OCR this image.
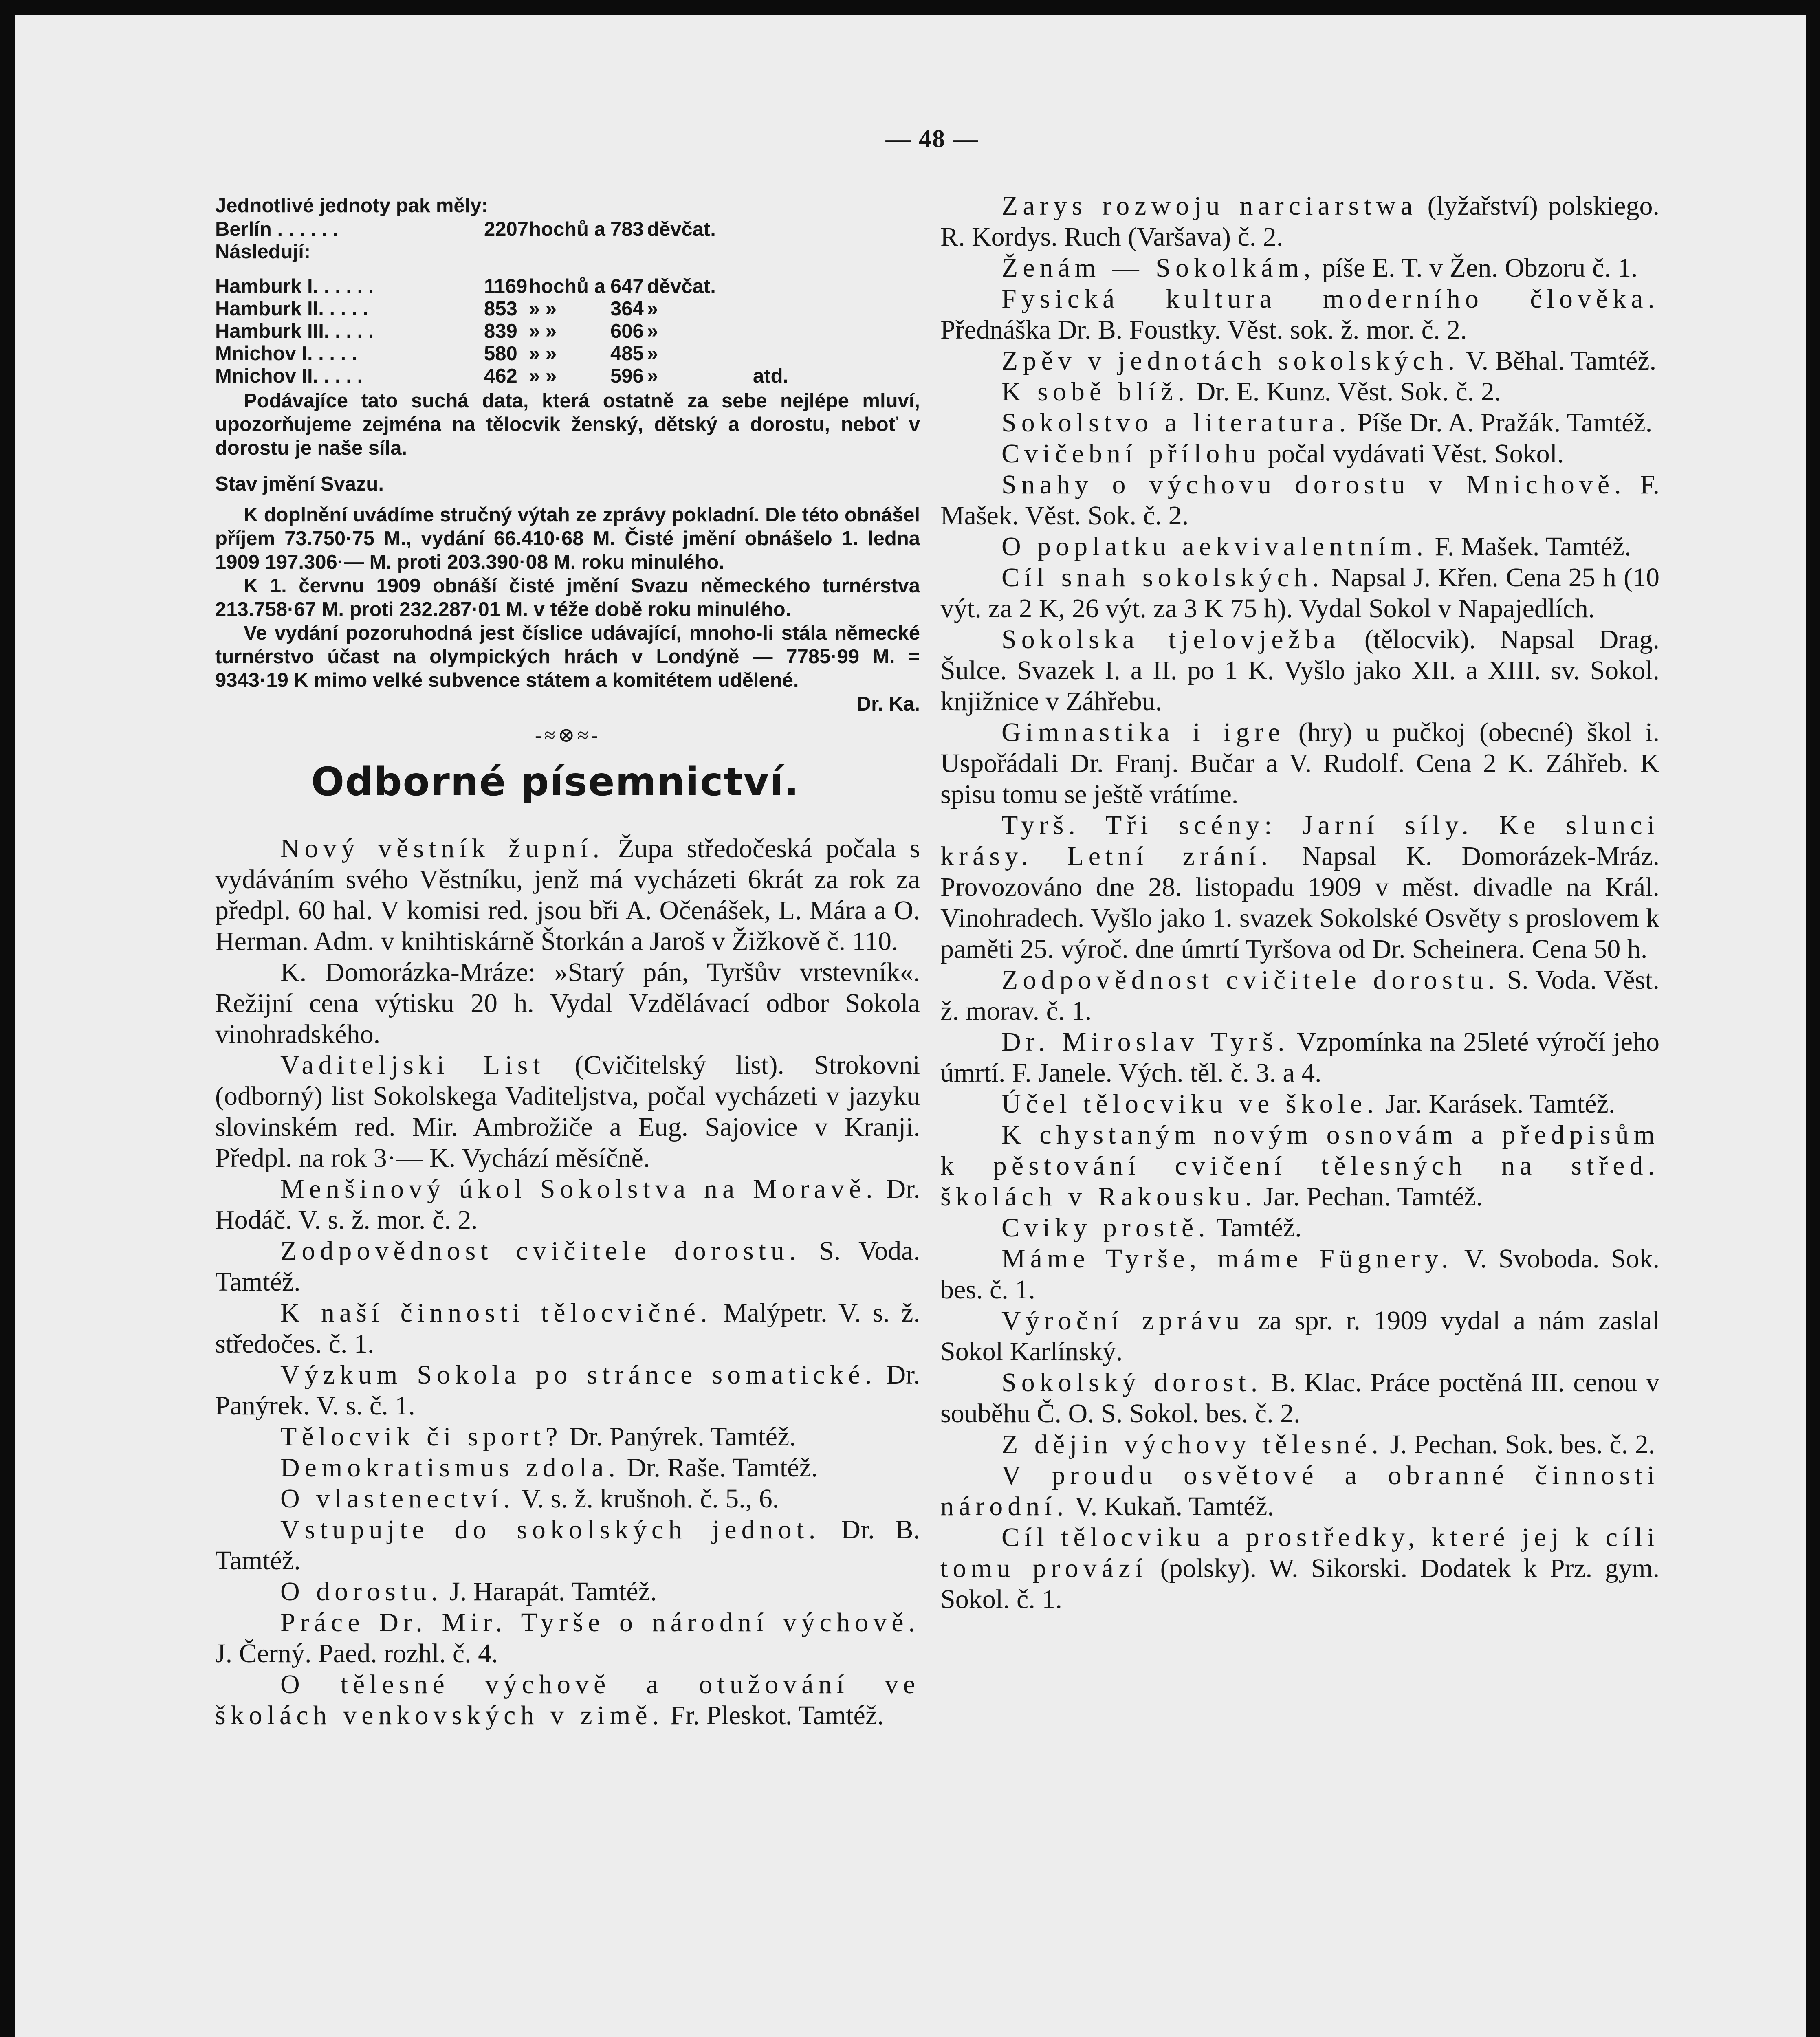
— 48 —

Jednotlivé jednoty pak měly:

Berlín . . . . . .	2207 hochů a 783 děvčat.
Následují:
Hamburk I. . . . . .	1169 hochů a 647 děvčat.
Hamburk II. . . . .	853 » »	364 »
Hamburk III. . . . .	839 » »	606 »
Mnichov I. . . . .	580 » »	485 »
Mnichov II. . . . .	462 » »	596 »	atd.

Podávajíce tato suchá data, která ostatně za sebe nejlépe mluví, upozorňujeme zejména na tělocvik ženský, dětský a dorostu, neboť v dorostu je naše síla.

Stav jmění Svazu.

K doplnění uvádíme stručný výtah ze zprávy pokladní. Dle této obnášel příjem 73.750·75 M., vydání 66.410·68 M. Čisté jmění obnášelo 1. ledna 1909 197.306·— M. proti 203.390·08 M. roku minulého.

K 1. červnu 1909 obnáší čisté jmění Svazu německého turnérstva 213.758·67 M. proti 232.287·01 M. v téže době roku minulého.

Ve vydání pozoruhodná jest číslice udávající, mnoho-li stála německé turnérstvo účast na olympických hrách v Londýně — 7785·99 M. = 9343·19 K mimo velké subvence státem a komitétem udělené.

Dr. Ka.
-≈⊗≈-
Odborné písemnictví.

Nový věstník župní. Župa středočeská počala s vydáváním svého Věstníku, jenž má vycházeti 6krát za rok za předpl. 60 hal. V komisi red. jsou bři A. Očenášek, L. Mára a O. Herman. Adm. v knihtiskárně Štorkán a Jaroš v Žižkově č. 110.

K. Domorázka-Mráze: »Starý pán, Tyršův vrstevník«. Režijní cena výtisku 20 h. Vydal Vzdělávací odbor Sokola vinohradského.

Vaditeljski List (Cvičitelský list). Strokovni (odborný) list Sokolskega Vaditeljstva, počal vycházeti v jazyku slovinském red. Mir. Ambrožiče a Eug. Sajovice v Kranji. Předpl. na rok 3·— K. Vychází měsíčně.

Menšinový úkol Sokolstva na Moravě. Dr. Hodáč. V. s. ž. mor. č. 2.

Zodpovědnost cvičitele dorostu. S. Voda. Tamtéž.

K naší činnosti tělocvičné. Malýpetr. V. s. ž. středočes. č. 1.

Výzkum Sokola po stránce somatické. Dr. Panýrek. V. s. č. 1.

Tělocvik či sport? Dr. Panýrek. Tamtéž.

Demokratismus zdola. Dr. Raše. Tamtéž.

O vlastenectví. V. s. ž. krušnoh. č. 5., 6.

Vstupujte do sokolských jednot. Dr. B. Tamtéž.

O dorostu. J. Harapát. Tamtéž.

Práce Dr. Mir. Tyrše o národní výchově. J. Černý. Paed. rozhl. č. 4.

O tělesné výchově a otužování ve školách venkovských v zimě. Fr. Pleskot. Tamtéž.

Zarys rozwoju narciarstwa (lyžařství) polskiego. R. Kordys. Ruch (Varšava) č. 2.

Ženám — Sokolkám, píše E. T. v Žen. Obzoru č. 1.

Fysická kultura moderního člověka. Přednáška Dr. B. Foustky. Věst. sok. ž. mor. č. 2.

Zpěv v jednotách sokolských. V. Běhal. Tamtéž.

K sobě blíž. Dr. E. Kunz. Věst. Sok. č. 2.

Sokolstvo a literatura. Píše Dr. A. Pražák. Tamtéž.

Cvičební přílohu počal vydávati Věst. Sokol.

Snahy o výchovu dorostu v Mnichově. F. Mašek. Věst. Sok. č. 2.

O poplatku aekvivalentním. F. Mašek. Tamtéž.

Cíl snah sokolských. Napsal J. Křen. Cena 25 h (10 výt. za 2 K, 26 výt. za 3 K 75 h). Vydal Sokol v Napajedlích.

Sokolska tjelovježba (tělocvik). Napsal Drag. Šulce. Svazek I. a II. po 1 K. Vyšlo jako XII. a XIII. sv. Sokol. knjižnice v Záhřebu.

Gimnastika i igre (hry) u pučkoj (obecné) škol i. Uspořádali Dr. Franj. Bučar a V. Rudolf. Cena 2 K. Záhřeb. K spisu tomu se ještě vrátíme.

Tyrš. Tři scény: Jarní síly. Ke slunci krásy. Letní zrání. Napsal K. Domorázek-Mráz. Provozováno dne 28. listopadu 1909 v měst. divadle na Král. Vinohradech. Vyšlo jako 1. svazek Sokolské Osvěty s proslovem k paměti 25. výroč. dne úmrtí Tyršova od Dr. Scheinera. Cena 50 h.

Zodpovědnost cvičitele dorostu. S. Voda. Věst. ž. morav. č. 1.

Dr. Miroslav Tyrš. Vzpomínka na 25leté výročí jeho úmrtí. F. Janele. Vých. těl. č. 3. a 4.

Účel tělocviku ve škole. Jar. Karásek. Tamtéž.

K chystaným novým osnovám a předpisům k pěstování cvičení tělesných na střed. školách v Rakousku. Jar. Pechan. Tamtéž.

Cviky prostě. Tamtéž.

Máme Tyrše, máme Fügnery. V. Svoboda. Sok. bes. č. 1.

Výroční zprávu za spr. r. 1909 vydal a nám zaslal Sokol Karlínský.

Sokolský dorost. B. Klac. Práce poctěná III. cenou v souběhu Č. O. S. Sokol. bes. č. 2.

Z dějin výchovy tělesné. J. Pechan. Sok. bes. č. 2.

V proudu osvětové a obranné činnosti národní. V. Kukaň. Tamtéž.

Cíl tělocviku a prostředky, které jej k cíli tomu provází (polsky). W. Sikorski. Dodatek k Prz. gym. Sokol. č. 1.
